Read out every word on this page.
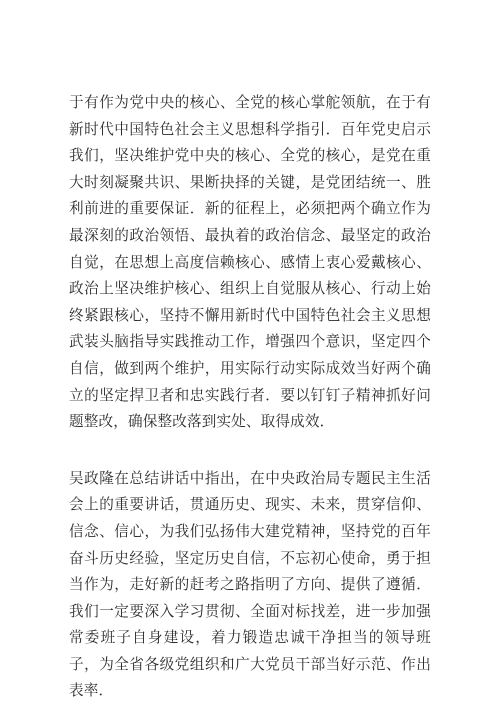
于有作为党中央的核心、全党的核心掌舵领航，在于有新时代中国特色社会主义思想科学指引．百年党史启示我们，坚决维护党中央的核心、全党的核心，是党在重大时刻凝聚共识、果断抉择的关键，是党团结统一、胜利前进的重要保证．新的征程上，必须把两个确立作为最深刻的政治领悟、最执着的政治信念、最坚定的政治自觉，在思想上高度信赖核心、感情上衷心爱戴核心、政治上坚决维护核心、组织上自觉服从核心、行动上始终紧跟核心，坚持不懈用新时代中国特色社会主义思想武装头脑指导实践推动工作，增强四个意识，坚定四个自信，做到两个维护，用实际行动实际成效当好两个确立的坚定捍卫者和忠实践行者．要以钉钉子精神抓好问题整改，确保整改落到实处、取得成效．

吴政隆在总结讲话中指出，在中央政治局专题民主生活会上的重要讲话，贯通历史、现实、未来，贯穿信仰、信念、信心，为我们弘扬伟大建党精神，坚持党的百年奋斗历史经验，坚定历史自信，不忘初心使命，勇于担当作为，走好新的赶考之路指明了方向、提供了遵循．我们一定要深入学习贯彻、全面对标找差，进一步加强常委班子自身建设，着力锻造忠诚干净担当的领导班子，为全省各级党组织和广大党员干部当好示范、作出表率．
